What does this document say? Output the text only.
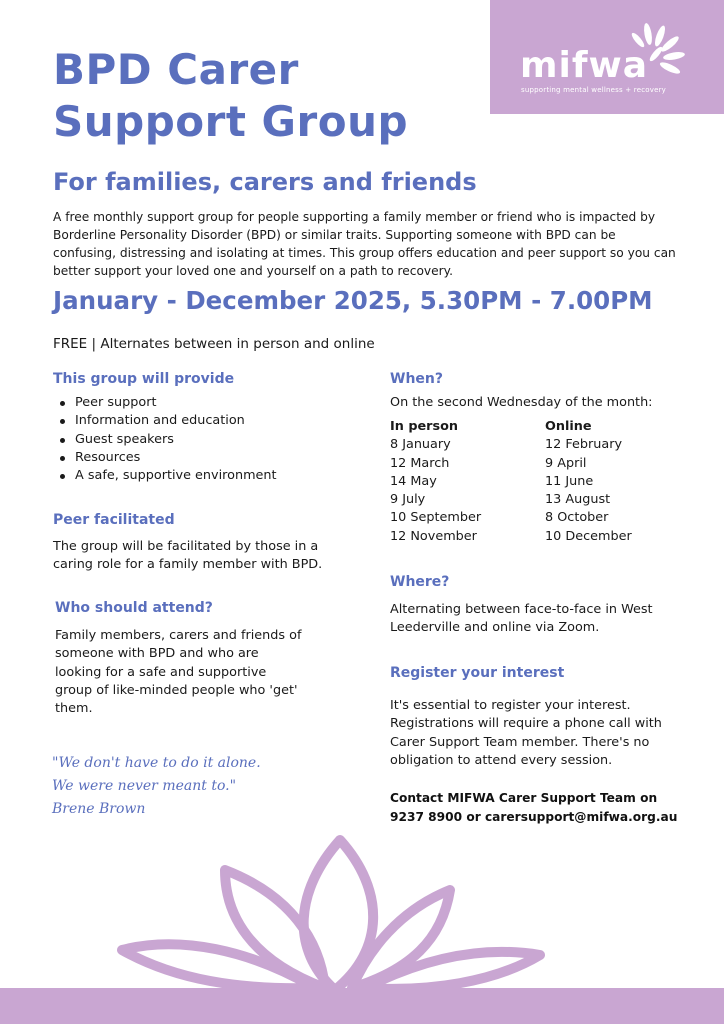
mifwa
supporting mental wellness + recovery
BPD Carer
Support Group
For families, carers and friends

A free monthly support group for people supporting a family member or friend who is impacted by Borderline Personality Disorder (BPD) or similar traits. Supporting someone with BPD can be confusing, distressing and isolating at times. This group offers education and peer support so you can better support your loved one and yourself on a path to recovery.

January - December 2025, 5.30PM - 7.00PM

FREE | Alternates between in person and online

This group will provide
Peer support
Information and education
Guest speakers
Resources
A safe, supportive environment
Peer facilitated

The group will be facilitated by those in a caring role for a family member with BPD.

Who should attend?

Family members, carers and friends of someone with BPD and who are looking for a safe and supportive group of like-minded people who 'get' them.

"We don't have to do it alone.
We were never meant to."
Brene Brown
When?

On the second Wednesday of the month:

In person
8 January
12 March
14 May
9 July
10 September
12 November
Online
12 February
9 April
11 June
13 August
8 October
10 December
Where?

Alternating between face-to-face in West Leederville and online via Zoom.

Register your interest

It's essential to register your interest. Registrations will require a phone call with Carer Support Team member. There's no obligation to attend every session.

Contact MIFWA Carer Support Team on
9237 8900 or carersupport@mifwa.org.au
